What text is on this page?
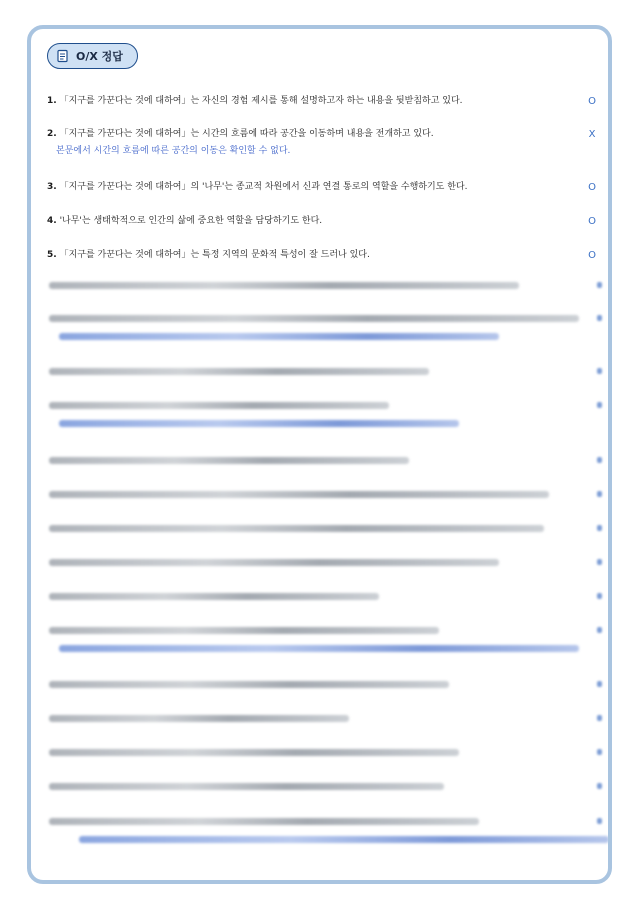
O/X 정답
1. 「지구를 가꾼다는 것에 대하여」는 자신의 경험 제시를 통해 설명하고자 하는 내용을 뒷받침하고 있다.	O
2. 「지구를 가꾼다는 것에 대하여」는 시간의 흐름에 따라 공간을 이동하며 내용을 전개하고 있다.	X
본문에서 시간의 흐름에 따른 공간의 이동은 확인할 수 없다.
3. 「지구를 가꾼다는 것에 대하여」의 '나무'는 종교적 차원에서 신과 연결 통로의 역할을 수행하기도 한다.	O
4. '나무'는 생태학적으로 인간의 삶에 중요한 역할을 담당하기도 한다.	O
5. 「지구를 가꾼다는 것에 대하여」는 특정 지역의 문화적 특성이 잘 드러나 있다.	O
